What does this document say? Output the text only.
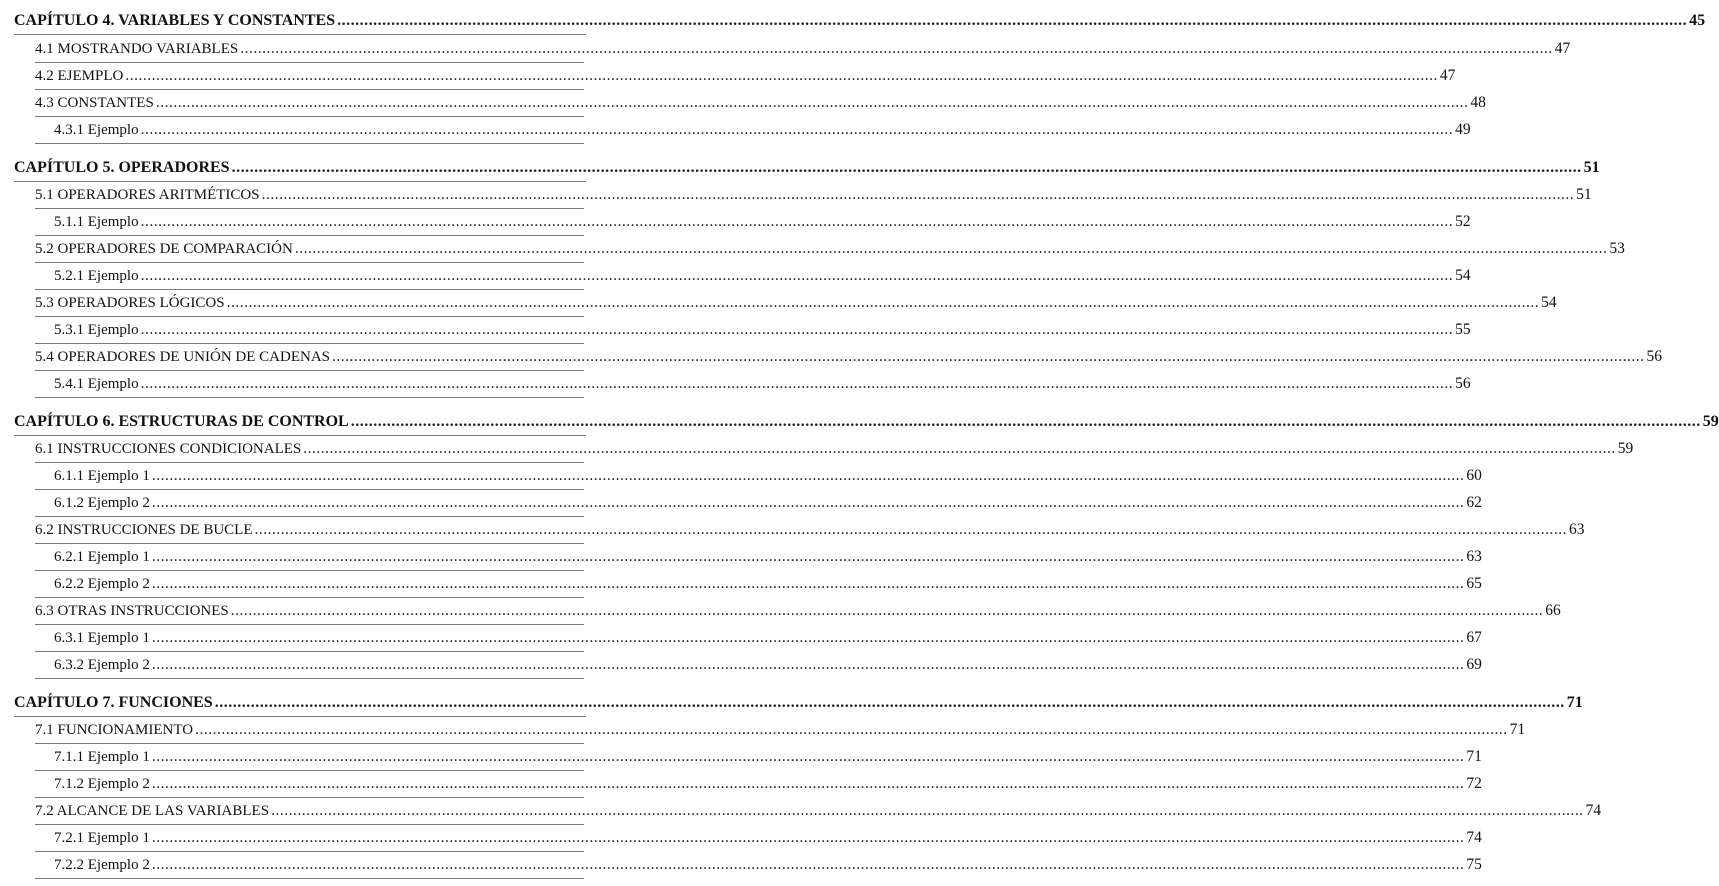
CAPÍTULO 4. VARIABLES Y CONSTANTES ............................................................................................................................................................................................................................................................................................................ 45
4.1 MOSTRANDO VARIABLES ............................................................................................................................................................................................................................................................................................................ 47
4.2 EJEMPLO ............................................................................................................................................................................................................................................................................................................ 47
4.3 CONSTANTES ............................................................................................................................................................................................................................................................................................................ 48
4.3.1 Ejemplo ............................................................................................................................................................................................................................................................................................................ 49
CAPÍTULO 5. OPERADORES ............................................................................................................................................................................................................................................................................................................ 51
5.1 OPERADORES ARITMÉTICOS ............................................................................................................................................................................................................................................................................................................ 51
5.1.1 Ejemplo ............................................................................................................................................................................................................................................................................................................ 52
5.2 OPERADORES DE COMPARACIÓN ............................................................................................................................................................................................................................................................................................................ 53
5.2.1 Ejemplo ............................................................................................................................................................................................................................................................................................................ 54
5.3 OPERADORES LÓGICOS ............................................................................................................................................................................................................................................................................................................ 54
5.3.1 Ejemplo ............................................................................................................................................................................................................................................................................................................ 55
5.4 OPERADORES DE UNIÓN DE CADENAS ............................................................................................................................................................................................................................................................................................................ 56
5.4.1 Ejemplo ............................................................................................................................................................................................................................................................................................................ 56
CAPÍTULO 6. ESTRUCTURAS DE CONTROL ............................................................................................................................................................................................................................................................................................................ 59
6.1 INSTRUCCIONES CONDICIONALES ............................................................................................................................................................................................................................................................................................................ 59
6.1.1 Ejemplo 1 ............................................................................................................................................................................................................................................................................................................ 60
6.1.2 Ejemplo 2 ............................................................................................................................................................................................................................................................................................................ 62
6.2 INSTRUCCIONES DE BUCLE ............................................................................................................................................................................................................................................................................................................ 63
6.2.1 Ejemplo 1 ............................................................................................................................................................................................................................................................................................................ 63
6.2.2 Ejemplo 2 ............................................................................................................................................................................................................................................................................................................ 65
6.3 OTRAS INSTRUCCIONES ............................................................................................................................................................................................................................................................................................................ 66
6.3.1 Ejemplo 1 ............................................................................................................................................................................................................................................................................................................ 67
6.3.2 Ejemplo 2 ............................................................................................................................................................................................................................................................................................................ 69
CAPÍTULO 7. FUNCIONES ............................................................................................................................................................................................................................................................................................................ 71
7.1 FUNCIONAMIENTO ............................................................................................................................................................................................................................................................................................................ 71
7.1.1 Ejemplo 1 ............................................................................................................................................................................................................................................................................................................ 71
7.1.2 Ejemplo 2 ............................................................................................................................................................................................................................................................................................................ 72
7.2 ALCANCE DE LAS VARIABLES ............................................................................................................................................................................................................................................................................................................ 74
7.2.1 Ejemplo 1 ............................................................................................................................................................................................................................................................................................................ 74
7.2.2 Ejemplo 2 ............................................................................................................................................................................................................................................................................................................ 75
